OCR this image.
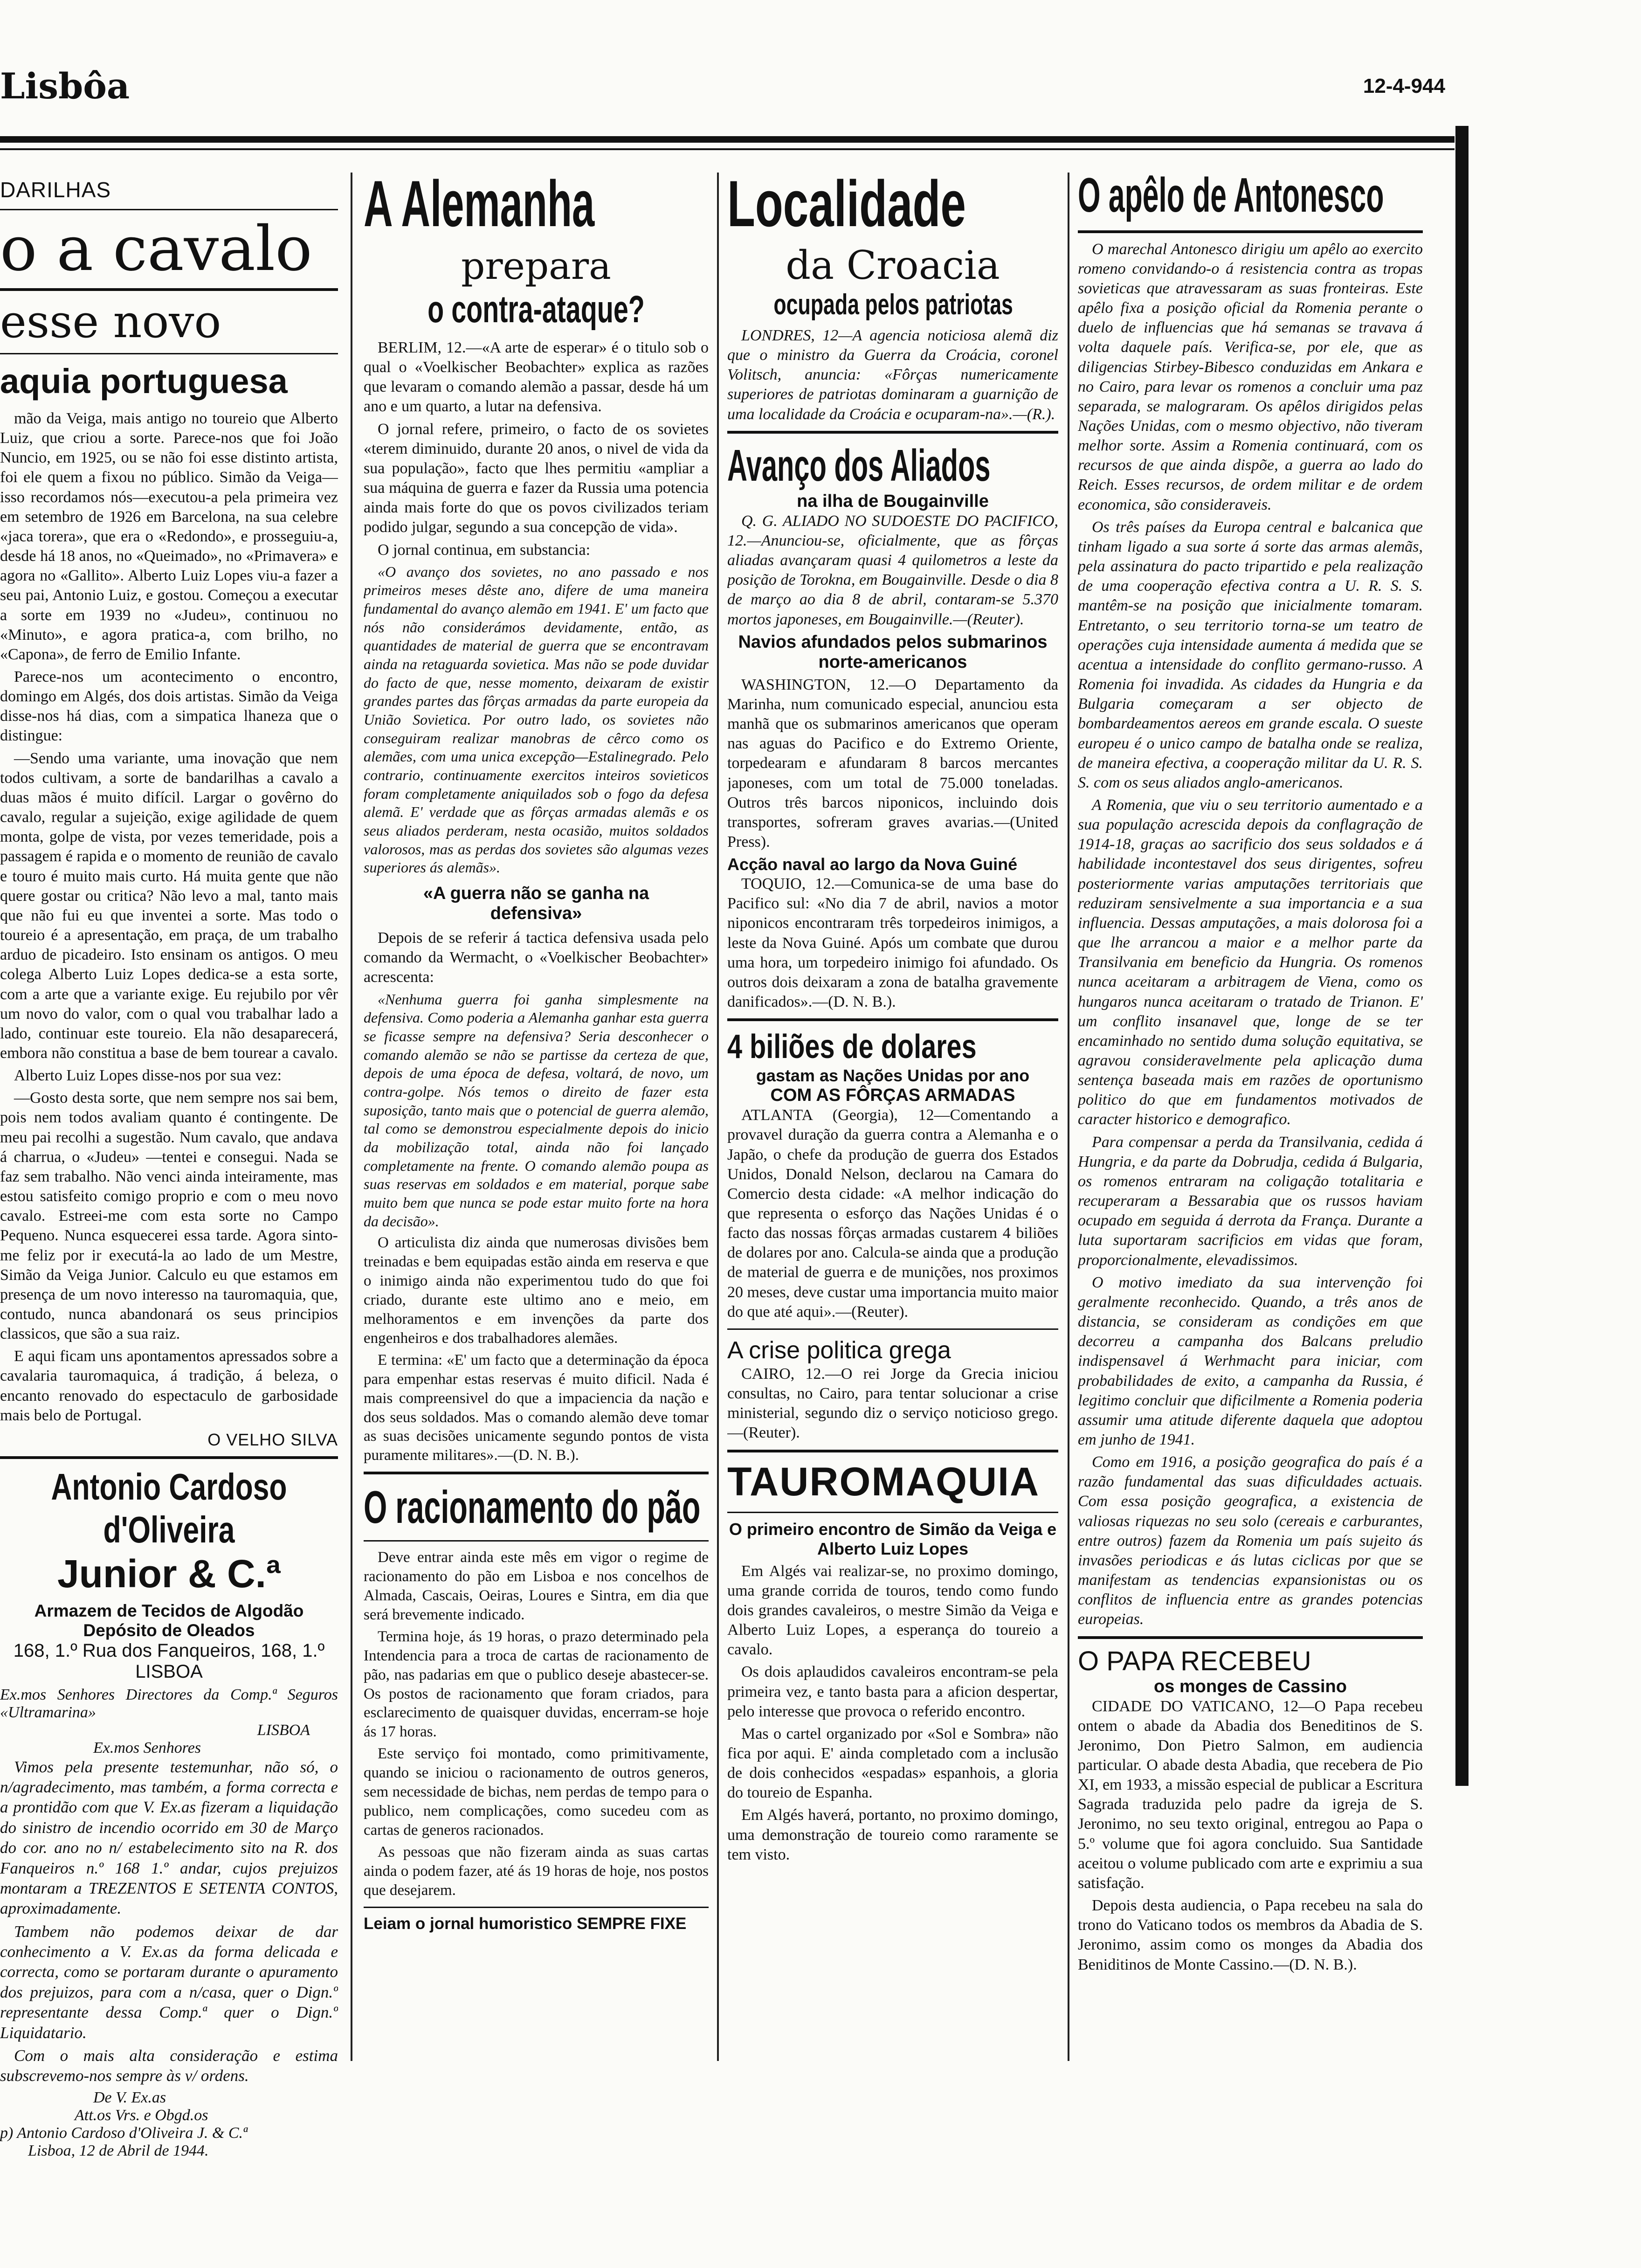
Lisbôa	12-4-944
DARILHAS
o a cavalo
esse novo
aquia portuguesa

mão da Veiga, mais antigo no toureio que Alberto Luiz, que criou a sorte. Parece-nos que foi João Nuncio, em 1925, ou se não foi esse distinto artista, foi ele quem a fixou no público. Simão da Veiga—isso recordamos nós—executou-a pela primeira vez em setembro de 1926 em Barcelona, na sua celebre «jaca torera», que era o «Redondo», e prosseguiu-a, desde há 18 anos, no «Queimado», no «Primavera» e agora no «Gallito». Alberto Luiz Lopes viu-a fazer a seu pai, Antonio Luiz, e gostou. Começou a executar a sorte em 1939 no «Judeu», continuou no «Minuto», e agora pratica-a, com brilho, no «Capona», de ferro de Emilio Infante.

Parece-nos um acontecimento o encontro, domingo em Algés, dos dois artistas. Simão da Veiga disse-nos há dias, com a simpatica lhaneza que o distingue:

—Sendo uma variante, uma inovação que nem todos cultivam, a sorte de bandarilhas a cavalo a duas mãos é muito difícil. Largar o govêrno do cavalo, regular a sujeição, exige agilidade de quem monta, golpe de vista, por vezes temeridade, pois a passagem é rapida e o momento de reunião de cavalo e touro é muito mais curto. Há muita gente que não quere gostar ou critica? Não levo a mal, tanto mais que não fui eu que inventei a sorte. Mas todo o toureio é a apresentação, em praça, de um trabalho arduo de picadeiro. Isto ensinam os antigos. O meu colega Alberto Luiz Lopes dedica-se a esta sorte, com a arte que a variante exige. Eu rejubilo por vêr um novo do valor, com o qual vou trabalhar lado a lado, continuar este toureio. Ela não desaparecerá, embora não constitua a base de bem tourear a cavalo.

Alberto Luiz Lopes disse-nos por sua vez:

—Gosto desta sorte, que nem sempre nos sai bem, pois nem todos avaliam quanto é contingente. De meu pai recolhi a sugestão. Num cavalo, que andava á charrua, o «Judeu» —tentei e consegui. Nada se faz sem trabalho. Não venci ainda inteiramente, mas estou satisfeito comigo proprio e com o meu novo cavalo. Estreei-me com esta sorte no Campo Pequeno. Nunca esquecerei essa tarde. Agora sinto-me feliz por ir executá-la ao lado de um Mestre, Simão da Veiga Junior. Calculo eu que estamos em presença de um novo interesso na tauromaquia, que, contudo, nunca abandonará os seus principios classicos, que são a sua raiz.

E aqui ficam uns apontamentos apressados sobre a cavalaria tauromaquica, á tradição, á beleza, o encanto renovado do espectaculo de garbosidade mais belo de Portugal.

O VELHO SILVA
Antonio Cardoso d'Oliveira
Junior & C.ª
Armazem de Tecidos de Algodão
Depósito de Oleados
168, 1.º Rua dos Fanqueiros, 168, 1.º
LISBOA
Ex.mos Senhores Directores da Comp.ª Seguros «Ultramarina»
LISBOA
Ex.mos Senhores

Vimos pela presente testemunhar, não só, o n/agradecimento, mas também, a forma correcta e a prontidão com que V. Ex.as fizeram a liquidação do sinistro de incendio ocorrido em 30 de Março do cor. ano no n/ estabelecimento sito na R. dos Fanqueiros n.º 168 1.º andar, cujos prejuizos montaram a TREZENTOS E SETENTA CONTOS, aproximadamente.

Tambem não podemos deixar de dar conhecimento a V. Ex.as da forma delicada e correcta, como se portaram durante o apuramento dos prejuizos, para com a n/casa, quer o Dign.º representante dessa Comp.ª quer o Dign.º Liquidatario.

Com o mais alta consideração e estima subscrevemo-nos sempre às v/ ordens.

De V. Ex.as
Att.os Vrs. e Obgd.os
p) Antonio Cardoso d'Oliveira J. & C.ª
Lisboa, 12 de Abril de 1944.
A Alemanha
prepara
o contra-ataque?

BERLIM, 12.—«A arte de esperar» é o titulo sob o qual o «Voelkischer Beobachter» explica as razões que levaram o comando alemão a passar, desde há um ano e um quarto, a lutar na defensiva.

O jornal refere, primeiro, o facto de os sovietes «terem diminuido, durante 20 anos, o nivel de vida da sua população», facto que lhes permitiu «ampliar a sua máquina de guerra e fazer da Russia uma potencia ainda mais forte do que os povos civilizados teriam podido julgar, segundo a sua concepção de vida».

O jornal continua, em substancia:

«O avanço dos sovietes, no ano passado e nos primeiros meses dêste ano, difere de uma maneira fundamental do avanço alemão em 1941. E' um facto que nós não considerámos devidamente, então, as quantidades de material de guerra que se encontravam ainda na retaguarda sovietica. Mas não se pode duvidar do facto de que, nesse momento, deixaram de existir grandes partes das fôrças armadas da parte europeia da União Sovietica. Por outro lado, os sovietes não conseguiram realizar manobras de cêrco como os alemães, com uma unica excepção—Estalinegrado. Pelo contrario, continuamente exercitos inteiros sovieticos foram completamente aniquilados sob o fogo da defesa alemã. E' verdade que as fôrças armadas alemãs e os seus aliados perderam, nesta ocasião, muitos soldados valorosos, mas as perdas dos sovietes são algumas vezes superiores ás alemãs».

«A guerra não se ganha na defensiva»

Depois de se referir á tactica defensiva usada pelo comando da Wermacht, o «Voelkischer Beobachter» acrescenta:

«Nenhuma guerra foi ganha simplesmente na defensiva. Como poderia a Alemanha ganhar esta guerra se ficasse sempre na defensiva? Seria desconhecer o comando alemão se não se partisse da certeza de que, depois de uma época de defesa, voltará, de novo, um contra-golpe. Nós temos o direito de fazer esta suposição, tanto mais que o potencial de guerra alemão, tal como se demonstrou especialmente depois do inicio da mobilização total, ainda não foi lançado completamente na frente. O comando alemão poupa as suas reservas em soldados e em material, porque sabe muito bem que nunca se pode estar muito forte na hora da decisão».

O articulista diz ainda que numerosas divisões bem treinadas e bem equipadas estão ainda em reserva e que o inimigo ainda não experimentou tudo do que foi criado, durante este ultimo ano e meio, em melhoramentos e em invenções da parte dos engenheiros e dos trabalhadores alemães.

E termina: «E' um facto que a determinação da época para empenhar estas reservas é muito dificil. Nada é mais compreensivel do que a impaciencia da nação e dos seus soldados. Mas o comando alemão deve tomar as suas decisões unicamente segundo pontos de vista puramente militares».—(D. N. B.).

O racionamento do pão

Deve entrar ainda este mês em vigor o regime de racionamento do pão em Lisboa e nos concelhos de Almada, Cascais, Oeiras, Loures e Sintra, em dia que será brevemente indicado.

Termina hoje, ás 19 horas, o prazo determinado pela Intendencia para a troca de cartas de racionamento de pão, nas padarias em que o publico deseje abastecer-se. Os postos de racionamento que foram criados, para esclarecimento de quaisquer duvidas, encerram-se hoje ás 17 horas.

Este serviço foi montado, como primitivamente, quando se iniciou o racionamento de outros generos, sem necessidade de bichas, nem perdas de tempo para o publico, nem complicações, como sucedeu com as cartas de generos racionados.

As pessoas que não fizeram ainda as suas cartas ainda o podem fazer, até ás 19 horas de hoje, nos postos que desejarem.

Leiam o jornal humoristico SEMPRE FIXE
Localidade
da Croacia
ocupada pelos patriotas

LONDRES, 12—A agencia noticiosa alemã diz que o ministro da Guerra da Croácia, coronel Volitsch, anuncia: «Fôrças numericamente superiores de patriotas dominaram a guarnição de uma localidade da Croácia e ocuparam-na».—(R.).

Avanço dos Aliados
na ilha de Bougainville

Q. G. ALIADO NO SUDOESTE DO PACIFICO, 12.—Anunciou-se, oficialmente, que as fôrças aliadas avançaram quasi 4 quilometros a leste da posição de Torokna, em Bougainville. Desde o dia 8 de março ao dia 8 de abril, contaram-se 5.370 mortos japoneses, em Bougainville.—(Reuter).

Navios afundados pelos submarinos norte-americanos

WASHINGTON, 12.—O Departamento da Marinha, num comunicado especial, anunciou esta manhã que os submarinos americanos que operam nas aguas do Pacifico e do Extremo Oriente, torpedearam e afundaram 8 barcos mercantes japoneses, com um total de 75.000 toneladas. Outros três barcos niponicos, incluindo dois transportes, sofreram graves avarias.—(United Press).

Acção naval ao largo da Nova Guiné

TOQUIO, 12.—Comunica-se de uma base do Pacifico sul: «No dia 7 de abril, navios a motor niponicos encontraram três torpedeiros inimigos, a leste da Nova Guiné. Após um combate que durou uma hora, um torpedeiro inimigo foi afundado. Os outros dois deixaram a zona de batalha gravemente danificados».—(D. N. B.).

4 biliões de dolares
gastam as Nações Unidas por ano
COM AS FÔRÇAS ARMADAS

ATLANTA (Georgia), 12—Comentando a provavel duração da guerra contra a Alemanha e o Japão, o chefe da produção de guerra dos Estados Unidos, Donald Nelson, declarou na Camara do Comercio desta cidade: «A melhor indicação do que representa o esforço das Nações Unidas é o facto das nossas fôrças armadas custarem 4 biliões de dolares por ano. Calcula-se ainda que a produção de material de guerra e de munições, nos proximos 20 meses, deve custar uma importancia muito maior do que até aqui».—(Reuter).

A crise politica grega

CAIRO, 12.—O rei Jorge da Grecia iniciou consultas, no Cairo, para tentar solucionar a crise ministerial, segundo diz o serviço noticioso grego.—(Reuter).

TAUROMAQUIA
O primeiro encontro de Simão da Veiga e Alberto Luiz Lopes

Em Algés vai realizar-se, no proximo domingo, uma grande corrida de touros, tendo como fundo dois grandes cavaleiros, o mestre Simão da Veiga e Alberto Luiz Lopes, a esperança do toureio a cavalo.

Os dois aplaudidos cavaleiros encontram-se pela primeira vez, e tanto basta para a aficion despertar, pelo interesse que provoca o referido encontro.

Mas o cartel organizado por «Sol e Sombra» não fica por aqui. E' ainda completado com a inclusão de dois conhecidos «espadas» espanhois, a gloria do toureio de Espanha.

Em Algés haverá, portanto, no proximo domingo, uma demonstração de toureio como raramente se tem visto.

O apêlo de Antonesco

O marechal Antonesco dirigiu um apêlo ao exercito romeno convidando-o á resistencia contra as tropas sovieticas que atravessaram as suas fronteiras. Este apêlo fixa a posição oficial da Romenia perante o duelo de influencias que há semanas se travava á volta daquele país. Verifica-se, por ele, que as diligencias Stirbey-Bibesco conduzidas em Ankara e no Cairo, para levar os romenos a concluir uma paz separada, se malograram. Os apêlos dirigidos pelas Nações Unidas, com o mesmo objectivo, não tiveram melhor sorte. Assim a Romenia continuará, com os recursos de que ainda dispõe, a guerra ao lado do Reich. Esses recursos, de ordem militar e de ordem economica, são consideraveis.

Os três países da Europa central e balcanica que tinham ligado a sua sorte á sorte das armas alemãs, pela assinatura do pacto tripartido e pela realização de uma cooperação efectiva contra a U. R. S. S. mantêm-se na posição que inicialmente tomaram. Entretanto, o seu territorio torna-se um teatro de operações cuja intensidade aumenta á medida que se acentua a intensidade do conflito germano-russo. A Romenia foi invadida. As cidades da Hungria e da Bulgaria começaram a ser objecto de bombardeamentos aereos em grande escala. O sueste europeu é o unico campo de batalha onde se realiza, de maneira efectiva, a cooperação militar da U. R. S. S. com os seus aliados anglo-americanos.

A Romenia, que viu o seu territorio aumentado e a sua população acrescida depois da conflagração de 1914-18, graças ao sacrificio dos seus soldados e á habilidade incontestavel dos seus dirigentes, sofreu posteriormente varias amputações territoriais que reduziram sensivelmente a sua importancia e a sua influencia. Dessas amputações, a mais dolorosa foi a que lhe arrancou a maior e a melhor parte da Transilvania em beneficio da Hungria. Os romenos nunca aceitaram a arbitragem de Viena, como os hungaros nunca aceitaram o tratado de Trianon. E' um conflito insanavel que, longe de se ter encaminhado no sentido duma solução equitativa, se agravou consideravelmente pela aplicação duma sentença baseada mais em razões de oportunismo politico do que em fundamentos motivados de caracter historico e demografico.

Para compensar a perda da Transilvania, cedida á Hungria, e da parte da Dobrudja, cedida á Bulgaria, os romenos entraram na coligação totalitaria e recuperaram a Bessarabia que os russos haviam ocupado em seguida á derrota da França. Durante a luta suportaram sacrificios em vidas que foram, proporcionalmente, elevadissimos.

O motivo imediato da sua intervenção foi geralmente reconhecido. Quando, a três anos de distancia, se consideram as condições em que decorreu a campanha dos Balcans preludio indispensavel á Werhmacht para iniciar, com probabilidades de exito, a campanha da Russia, é legitimo concluir que dificilmente a Romenia poderia assumir uma atitude diferente daquela que adoptou em junho de 1941.

Como em 1916, a posição geografica do país é a razão fundamental das suas dificuldades actuais. Com essa posição geografica, a existencia de valiosas riquezas no seu solo (cereais e carburantes, entre outros) fazem da Romenia um país sujeito ás invasões periodicas e ás lutas ciclicas por que se manifestam as tendencias expansionistas ou os conflitos de influencia entre as grandes potencias europeias.

O PAPA RECEBEU
os monges de Cassino

CIDADE DO VATICANO, 12—O Papa recebeu ontem o abade da Abadia dos Beneditinos de S. Jeronimo, Don Pietro Salmon, em audiencia particular. O abade desta Abadia, que recebera de Pio XI, em 1933, a missão especial de publicar a Escritura Sagrada traduzida pelo padre da igreja de S. Jeronimo, no seu texto original, entregou ao Papa o 5.º volume que foi agora concluido. Sua Santidade aceitou o volume publicado com arte e exprimiu a sua satisfação.

Depois desta audiencia, o Papa recebeu na sala do trono do Vaticano todos os membros da Abadia de S. Jeronimo, assim como os monges da Abadia dos Beniditinos de Monte Cassino.—(D. N. B.).
